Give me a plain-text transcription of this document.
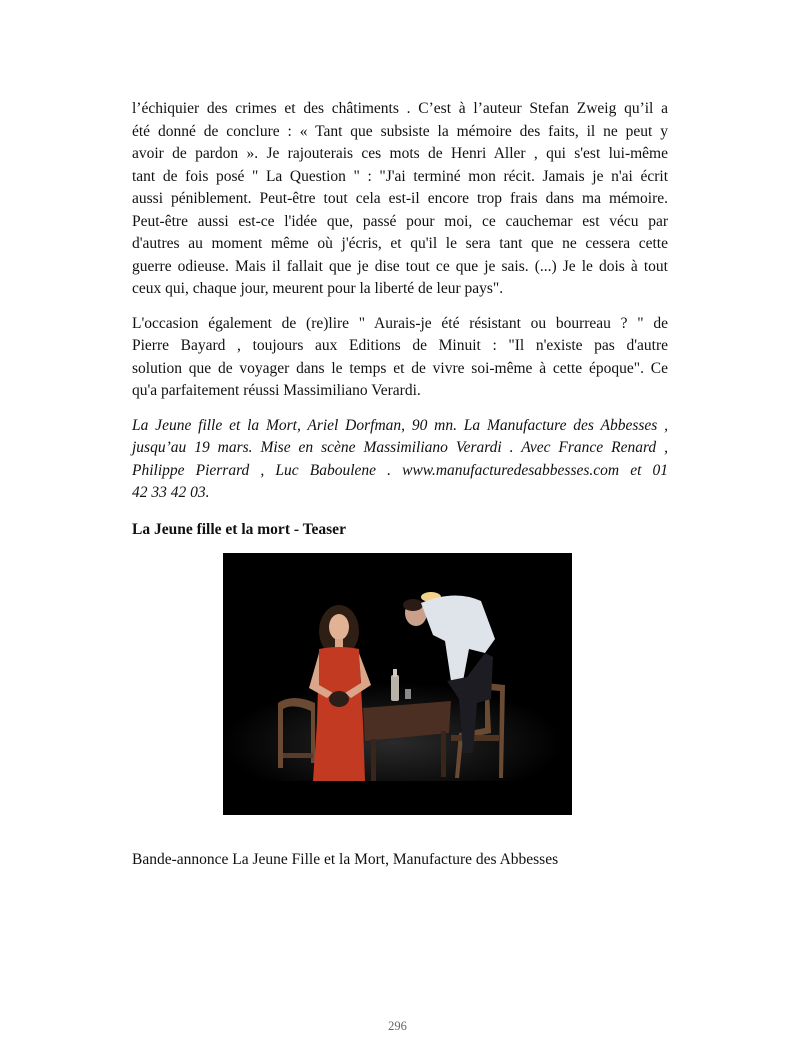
l’échiquier des crimes et des châtiments . C’est à l’auteur Stefan Zweig qu’il a
été donné de conclure : « Tant que subsiste la mémoire des faits, il ne peut y
avoir de pardon ». Je rajouterais ces mots de Henri Aller , qui s'est lui-même
tant de fois posé " La Question " : "J'ai terminé mon récit. Jamais je n'ai écrit
aussi péniblement. Peut-être tout cela est-il encore trop frais dans ma mémoire.
Peut-être aussi est-ce l'idée que, passé pour moi, ce cauchemar est vécu par
d'autres au moment même où j'écris, et qu'il le sera tant que ne cessera cette
guerre odieuse. Mais il fallait que je dise tout ce que je sais. (...) Je le dois à tout
ceux qui, chaque jour, meurent pour la liberté de leur pays".

L'occasion également de (re)lire " Aurais-je été résistant ou bourreau ? " de
Pierre Bayard , toujours aux Editions de Minuit : "Il n'existe pas d'autre
solution que de voyager dans le temps et de vivre soi-même à cette époque". Ce
qu'a parfaitement réussi Massimiliano Verardi.

La Jeune fille et la Mort, Ariel Dorfman, 90 mn. La Manufacture des Abbesses ,
jusqu’au 19 mars. Mise en scène Massimiliano Verardi . Avec France Renard ,
Philippe Pierrard , Luc Baboulene . www.manufacturedesabbesses.com et 01
42 33 42 03.

La Jeune fille et la mort - Teaser
Bande-annonce La Jeune Fille et la Mort, Manufacture des Abbesses
296
